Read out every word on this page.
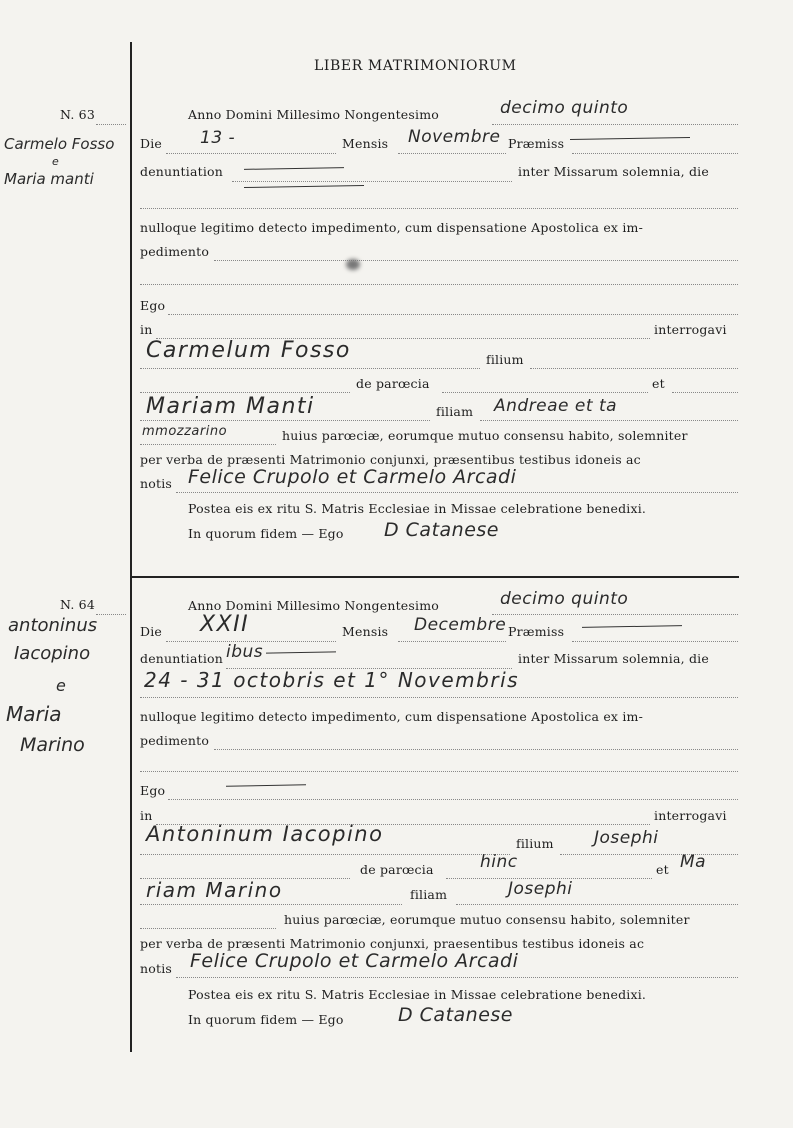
LIBER MATRIMONIORUM
N. 63
Carmelo Fosso
e
Maria manti
Anno Domini Millesimo Nongentesimo	decimo quinto
Die 13 -	Mensis Novembre Præmiss
denuntiation	inter Missarum solemnia, die
nulloque legitimo detecto impedimento, cum dispensatione Apostolica ex im-
pedimento
Ego
in	interrogavi
Carmelum Fosso	filium
de parœcia	et
Mariam Manti	filiam Andreae et ta
mmozzarino	huius parœciæ, eorumque mutuo consensu habito, solemniter
per verba de præsenti Matrimonio conjunxi, præsentibus testibus idoneis ac
notis Felice Crupolo et Carmelo Arcadi
Postea eis ex ritu S. Matris Ecclesiae in Missae celebratione benedixi.
In quorum fidem — Ego D Catanese
N. 64
antoninus
Iacopino
e
Maria
Marino
Anno Domini Millesimo Nongentesimo	decimo quinto
Die XXII	Mensis Decembre Præmiss
denuntiation ibus	inter Missarum solemnia, die
24 - 31 octobris et 1° Novembris
nulloque legitimo detecto impedimento, cum dispensatione Apostolica ex im-
pedimento
Ego
in	interrogavi
Antoninum Iacopino	filium Josephi
de parœcia	hinc	et Ma
riam Marino	filiam	Josephi
huius parœciæ, eorumque mutuo consensu habito, solemniter
per verba de præsenti Matrimonio conjunxi, praesentibus testibus idoneis ac
notis Felice Crupolo et Carmelo Arcadi
Postea eis ex ritu S. Matris Ecclesiae in Missae celebratione benedixi.
In quorum fidem — Ego	D Catanese
